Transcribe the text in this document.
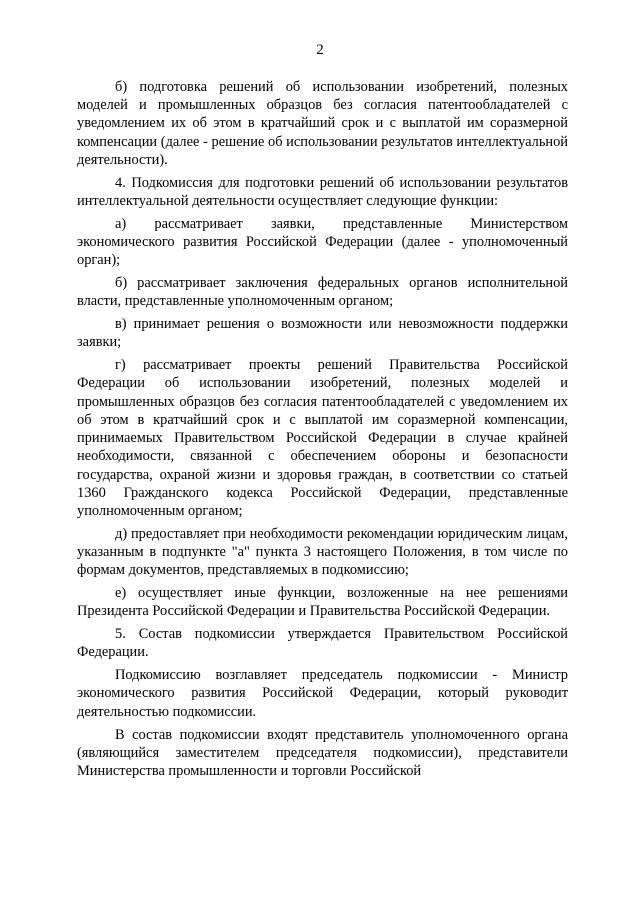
2

б) подготовка решений об использовании изобретений, полезных моделей и промышленных образцов без согласия патентообладателей с уведомлением их об этом в кратчайший срок и с выплатой им соразмерной компенсации (далее - решение об использовании результатов интеллектуальной деятельности).

4. Подкомиссия для подготовки решений об использовании результатов интеллектуальной деятельности осуществляет следующие функции:

а) рассматривает заявки, представленные Министерством экономического развития Российской Федерации (далее - уполномоченный орган);

б) рассматривает заключения федеральных органов исполнительной власти, представленные уполномоченным органом;

в) принимает решения о возможности или невозможности поддержки заявки;

г) рассматривает проекты решений Правительства Российской Федерации об использовании изобретений, полезных моделей и промышленных образцов без согласия патентообладателей с уведомлением их об этом в кратчайший срок и с выплатой им соразмерной компенсации, принимаемых Правительством Российской Федерации в случае крайней необходимости, связанной с обеспечением обороны и безопасности государства, охраной жизни и здоровья граждан, в соответствии со статьей 1360 Гражданского кодекса Российской Федерации, представленные уполномоченным органом;

д) предоставляет при необходимости рекомендации юридическим лицам, указанным в подпункте "а" пункта 3 настоящего Положения, в том числе по формам документов, представляемых в подкомиссию;

е) осуществляет иные функции, возложенные на нее решениями Президента Российской Федерации и Правительства Российской Федерации.

5. Состав подкомиссии утверждается Правительством Российской Федерации.

Подкомиссию возглавляет председатель подкомиссии - Министр экономического развития Российской Федерации, который руководит деятельностью подкомиссии.

В состав подкомиссии входят представитель уполномоченного органа (являющийся заместителем председателя подкомиссии), представители Министерства промышленности и торговли Российской
